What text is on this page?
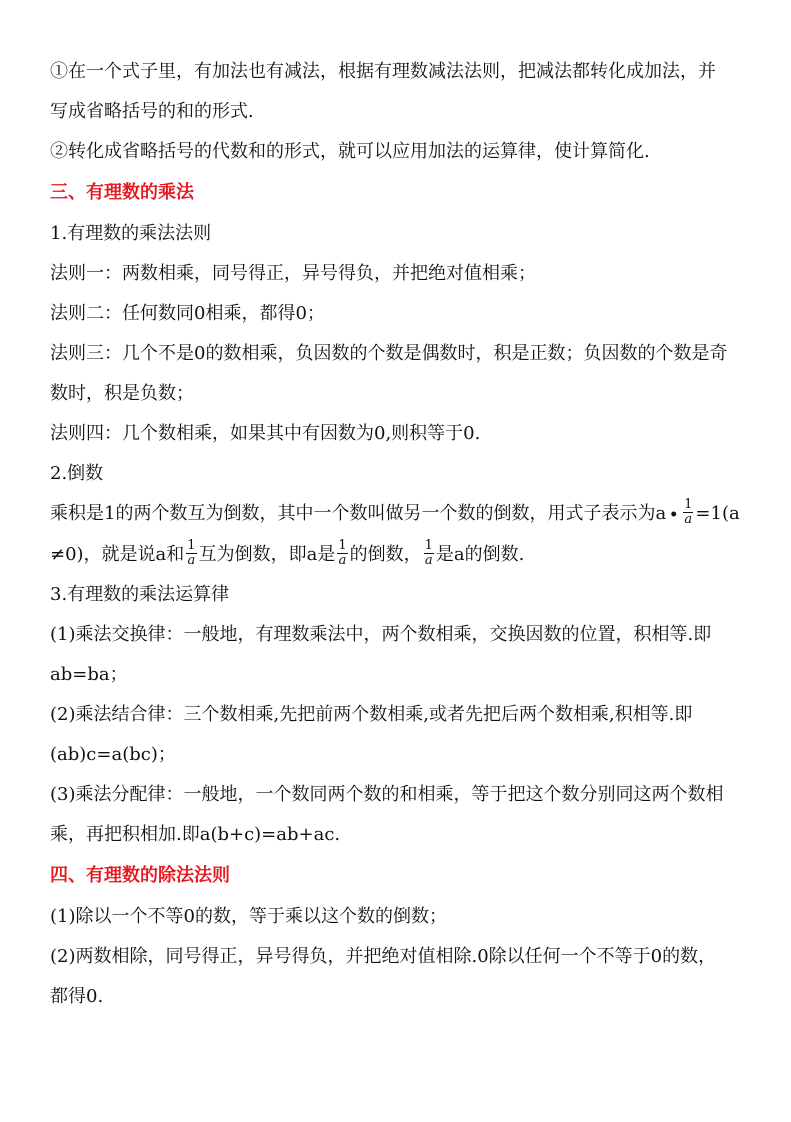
①在一个式子里，有加法也有减法，根据有理数减法法则，把减法都转化成加法，并

写成省略括号的和的形式.

②转化成省略括号的代数和的形式，就可以应用加法的运算律，使计算简化.

三、有理数的乘法

1.有理数的乘法法则

法则一：两数相乘，同号得正，异号得负，并把绝对值相乘；

法则二：任何数同0相乘，都得0；

法则三：几个不是0的数相乘，负因数的个数是偶数时，积是正数；负因数的个数是奇

数时，积是负数；

法则四：几个数相乘，如果其中有因数为0,则积等于0.

2.倒数

乘积是1的两个数互为倒数，其中一个数叫做另一个数的倒数，用式子表示为a • $\frac{1}{a} =1(a$

≠0)，就是说a和 $\frac{1}{a}$ 互为倒数，即a是 $\frac{1}{a}$ 的倒数， $\frac{1}{a}$ 是a的倒数.

3.有理数的乘法运算律

(1)乘法交换律：一般地，有理数乘法中，两个数相乘，交换因数的位置，积相等.即

ab=ba；

(2)乘法结合律：三个数相乘,先把前两个数相乘,或者先把后两个数相乘,积相等.即

(ab)c=a(bc)；

(3)乘法分配律：一般地，一个数同两个数的和相乘，等于把这个数分别同这两个数相

乘，再把积相加.即a(b+c)=ab+ac.

四、有理数的除法法则

(1)除以一个不等0的数，等于乘以这个数的倒数；

(2)两数相除，同号得正，异号得负，并把绝对值相除.0除以任何一个不等于0的数，

都得0.
